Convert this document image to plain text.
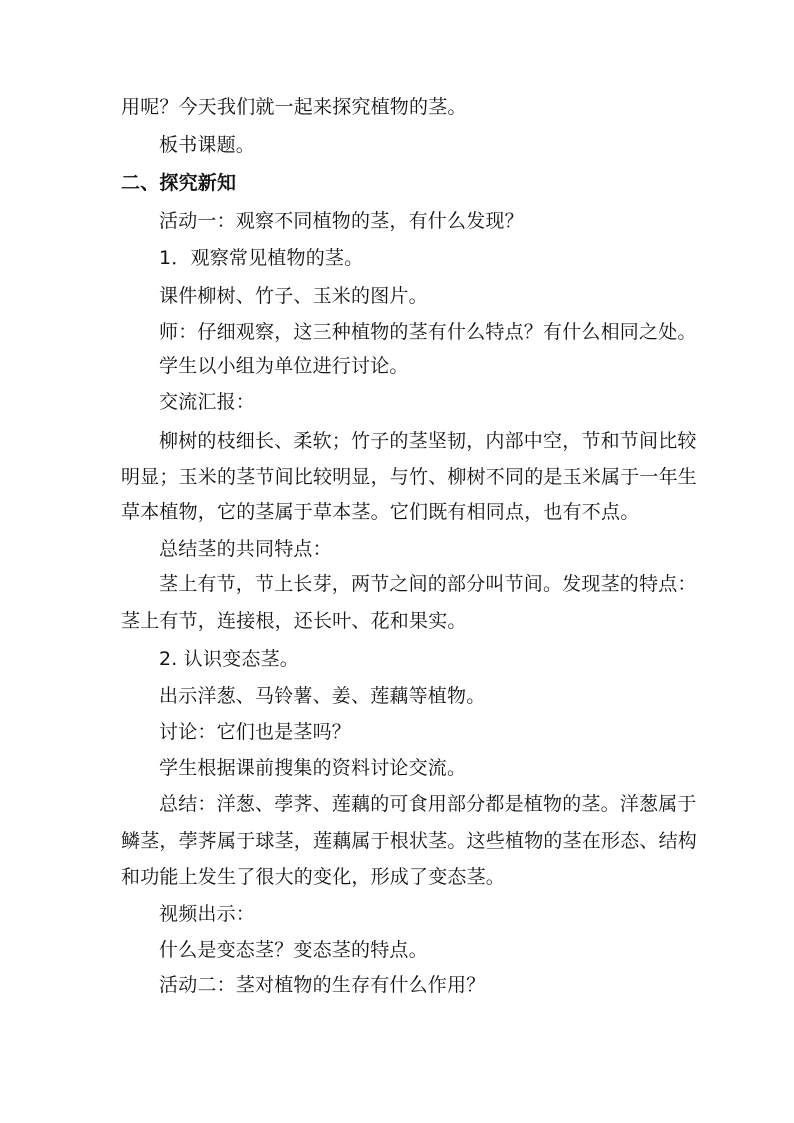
用呢？今天我们就一起来探究植物的茎。
板书课题。
二、探究新知
活动一：观察不同植物的茎，有什么发现？
1．观察常见植物的茎。
课件柳树、竹子、玉米的图片。
师：仔细观察，这三种植物的茎有什么特点？有什么相同之处。
学生以小组为单位进行讨论。
交流汇报：
柳树的枝细长、柔软；竹子的茎坚韧，内部中空，节和节间比较
明显；玉米的茎节间比较明显，与竹、柳树不同的是玉米属于一年生
草本植物，它的茎属于草本茎。它们既有相同点，也有不点。
总结茎的共同特点：
茎上有节，节上长芽，两节之间的部分叫节间。发现茎的特点：
茎上有节，连接根，还长叶、花和果实。
2. 认识变态茎。
出示洋葱、马铃薯、姜、莲藕等植物。
讨论：它们也是茎吗？
学生根据课前搜集的资料讨论交流。
总结：洋葱、荸荠、莲藕的可食用部分都是植物的茎。洋葱属于
鳞茎，荸荠属于球茎，莲藕属于根状茎。这些植物的茎在形态、结构
和功能上发生了很大的变化，形成了变态茎。
视频出示：
什么是变态茎？变态茎的特点。
活动二：茎对植物的生存有什么作用？
